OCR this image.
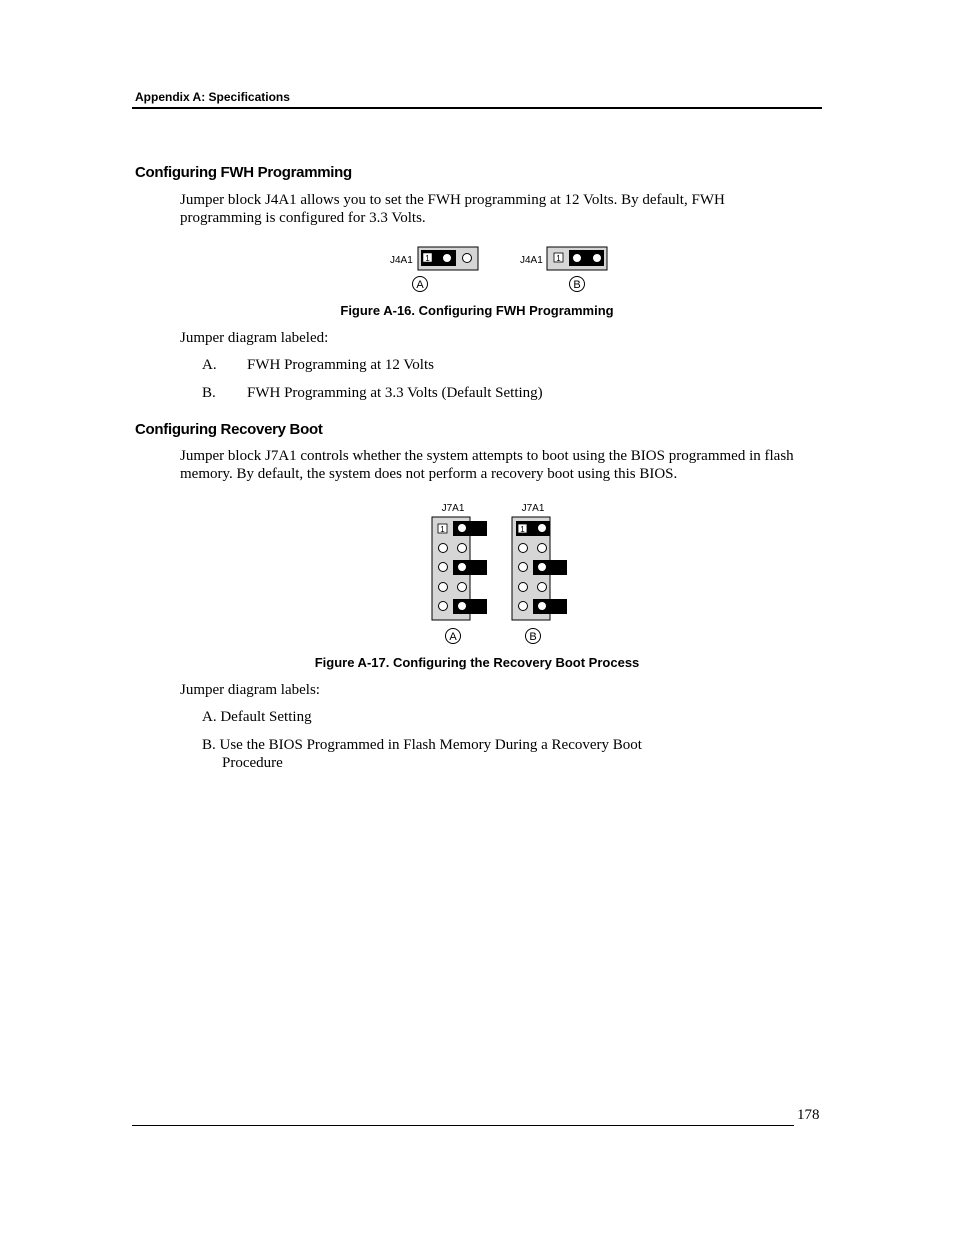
Appendix A: Specifications
Configuring FWH Programming
Jumper block J4A1 allows you to set the FWH programming at 12 Volts. By default, FWH
programming is configured for 3.3 Volts.
J4A1 1
A
J4A1 1
B
Figure A-16. Configuring FWH Programming
Jumper diagram labeled:
A. FWH Programming at 12 Volts
B. FWH Programming at 3.3 Volts (Default Setting)
Configuring Recovery Boot
Jumper block J7A1 controls whether the system attempts to boot using the BIOS programmed in flash
memory. By default, the system does not perform a recovery boot using this BIOS.
J7A1
1
A
J7A1
1
B
Figure A-17. Configuring the Recovery Boot Process
Jumper diagram labels:
A. Default Setting
B. Use the BIOS Programmed in Flash Memory During a Recovery Boot
Procedure
178
